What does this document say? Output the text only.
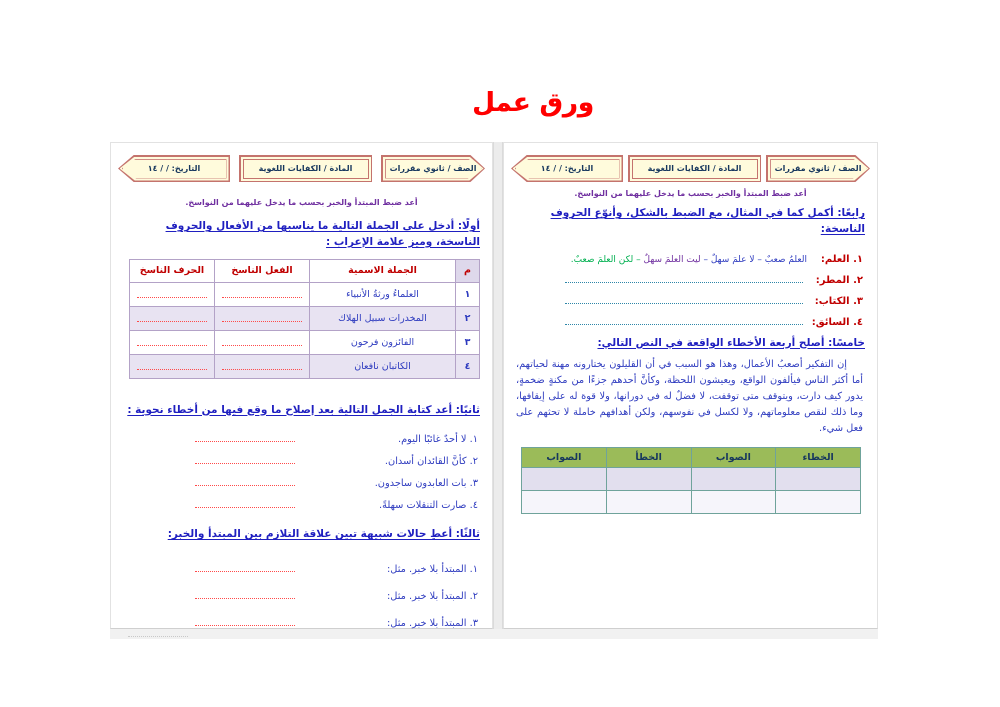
ورق عمل
الصف / ثانوي مقررات
المادة / الكفايات اللغوية
التاريخ: / / ١٤
أعد ضبط المبتدأ والخبر بحسب ما يدخل عليهما من النواسخ.
رابعًا: أكمل كما في المثال، مع الضبط بالشكل، وأنوّع الحروف الناسخة:
١. العلم:
العلمُ صعبٌ – لا علمَ سهلٌ – ليت العلمَ سهلٌ – لكن العلمَ صعبٌ.
٢. المطر:
٣. الكتاب:
٤. السائق:
خامسًا: أصلح أربعة الأخطاء الواقعة في النص التالي:
إن التفكير أصعبُ الأعمال، وهذا هو السبب في أن القليلون يختارونه مهنة لحياتهم، أما أكثر الناس فيألفون الواقع، ويعيشون اللحظة، وكأنَّ أحدهم جزءًا من مكنةٍ ضخمةٍ، يدور كيف دارت، ويتوقف متى توقفت، لا فضلٌ له في دورانها، ولا قوة له على إيقافها، وما ذلك لنقص معلوماتهم، ولا لكسل في نفوسهم، ولكن أهدافهم خاملة لا تحثهم على فعل شيء.
الخطاء	الصواب	الخطأ	الصواب

الصف / ثانوي مقررات
المادة / الكفايات اللغوية
التاريخ: / / ١٤
أعد ضبط المبتدأ والخبر بحسب ما يدخل عليهما من النواسخ.
أولًا: أدخل على الجملة التالية ما يناسبها من الأفعال والحروف الناسخة، وميز علامة الإعراب :
م	الجملة الاسمية	الفعل الناسخ	الحرف الناسخ
١	العلماءُ ورثةُ الأنبياء		
٢	المخدرات سبيل الهلاك		
٣	الفائزون فرحون		
٤	الكاتبان نافعان		
ثانيًا: أعد كتابة الجمل التالية بعد إصلاح ما وقع فيها من أخطاء نحوية :
١. لا أحدٌ غائبًا اليوم.
٢. كأنَّ القائدان أسدان.
٣. بات العابدون ساجدون.
٤. صارت التنقلات سهلةً.
ثالثًا: أعطِ حالات شبيهة تبين علاقة التلازم بين المبتدأ والخبر:
١. المبتدأ بلا خبر. مثل:
٢. المبتدأ بلا خبر. مثل:
٣. المبتدأ بلا خبر. مثل:
